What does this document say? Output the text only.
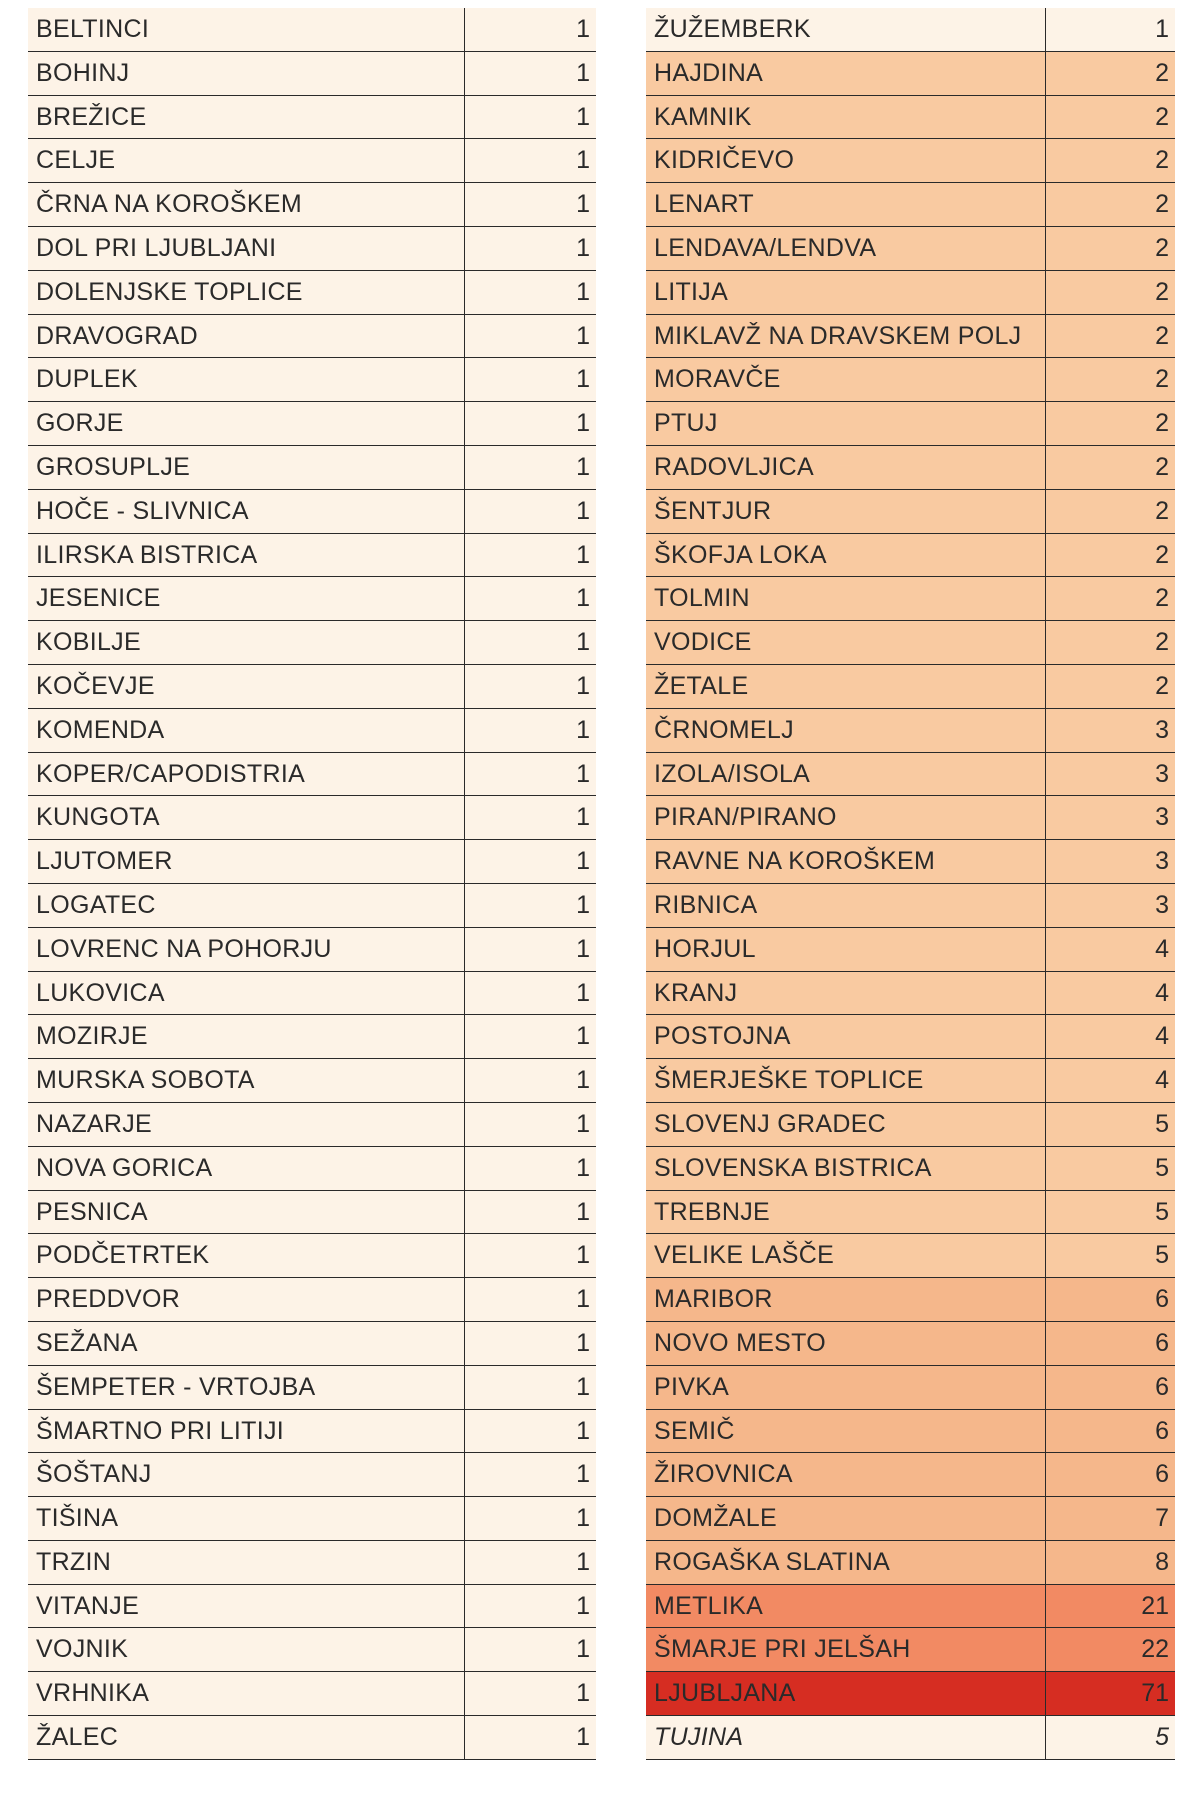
BELTINCI	1
BOHINJ	1
BREŽICE	1
CELJE	1
ČRNA NA KOROŠKEM	1
DOL PRI LJUBLJANI	1
DOLENJSKE TOPLICE	1
DRAVOGRAD	1
DUPLEK	1
GORJE	1
GROSUPLJE	1
HOČE - SLIVNICA	1
ILIRSKA BISTRICA	1
JESENICE	1
KOBILJE	1
KOČEVJE	1
KOMENDA	1
KOPER/CAPODISTRIA	1
KUNGOTA	1
LJUTOMER	1
LOGATEC	1
LOVRENC NA POHORJU	1
LUKOVICA	1
MOZIRJE	1
MURSKA SOBOTA	1
NAZARJE	1
NOVA GORICA	1
PESNICA	1
PODČETRTEK	1
PREDDVOR	1
SEŽANA	1
ŠEMPETER - VRTOJBA	1
ŠMARTNO PRI LITIJI	1
ŠOŠTANJ	1
TIŠINA	1
TRZIN	1
VITANJE	1
VOJNIK	1
VRHNIKA	1
ŽALEC	1
ŽUŽEMBERK	1
HAJDINA	2
KAMNIK	2
KIDRIČEVO	2
LENART	2
LENDAVA/LENDVA	2
LITIJA	2
MIKLAVŽ NA DRAVSKEM POLJ	2
MORAVČE	2
PTUJ	2
RADOVLJICA	2
ŠENTJUR	2
ŠKOFJA LOKA	2
TOLMIN	2
VODICE	2
ŽETALE	2
ČRNOMELJ	3
IZOLA/ISOLA	3
PIRAN/PIRANO	3
RAVNE NA KOROŠKEM	3
RIBNICA	3
HORJUL	4
KRANJ	4
POSTOJNA	4
ŠMERJEŠKE TOPLICE	4
SLOVENJ GRADEC	5
SLOVENSKA BISTRICA	5
TREBNJE	5
VELIKE LAŠČE	5
MARIBOR	6
NOVO MESTO	6
PIVKA	6
SEMIČ	6
ŽIROVNICA	6
DOMŽALE	7
ROGAŠKA SLATINA	8
METLIKA	21
ŠMARJE PRI JELŠAH	22
LJUBLJANA	71
TUJINA	5
